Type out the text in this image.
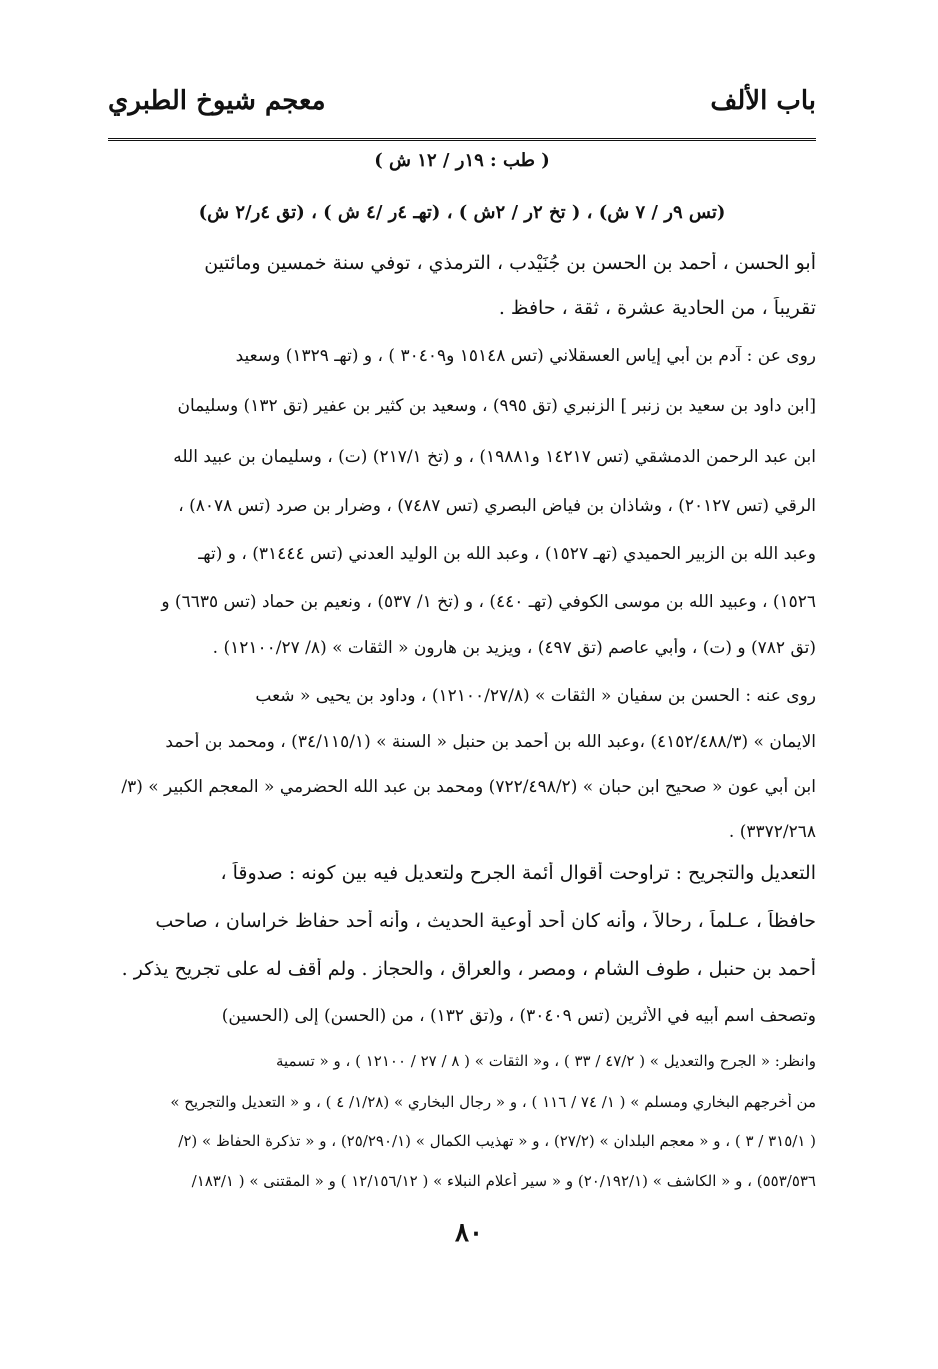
باب الألف
معجم شيوخ الطبري
( طب : ١٩ر / ١٢ ش )
(تس ٩ر / ٧ ش) ، ( تخ ٢ر / ٢ش ) ، (تهـ ٤ر /٤ ش ) ، (تق ٤ر/٢ ش)
أبو الحسن ، أحمد بن الحسن بن جُنَيْدب ، الترمذي ، توفي سنة خمسين ومائتين
تقريباً ، من الحادية عشرة ، ثقة ، حافظ .
روى عن : آدم بن أبي إياس العسقلاني (تس ١٥١٤٨ و٣٠٤٠٩ ) ، و (تهـ ١٣٢٩) وسعيد
[ابن داود بن سعيد بن زنبر ] الزنبري (تق ٩٩٥) ، وسعيد بن كثير بن عفير (تق ١٣٢) وسليمان
ابن عبد الرحمن الدمشقي (تس ١٤٢١٧ و١٩٨٨١) ، و (تخ ٢١٧/١) (ت) ، وسليمان بن عبيد الله
الرقي (تس ٢٠١٢٧) ، وشاذان بن فياض البصري (تس ٧٤٨٧) ، وضرار بن صرد (تس ٨٠٧٨) ،
وعبد الله بن الزبير الحميدي (تهـ ١٥٢٧) ، وعبد الله بن الوليد العدني (تس ٣١٤٤٤) ، و (تهـ
١٥٢٦) ، وعبيد الله بن موسى الكوفي (تهـ ٤٤٠) ، و (تخ ١/ ٥٣٧) ، ونعيم بن حماد (تس ٦٦٣٥) و
(تق ٧٨٢) و (ت) ، وأبي عاصم (تق ٤٩٧) ، ويزيد بن هارون « الثقات » (٨/ ١٢١٠٠/٢٧) .
روى عنه : الحسن بن سفيان « الثقات » (١٢١٠٠/٢٧/٨) ، وداود بن يحيى « شعب
الايمان » (٤١٥٢/٤٨٨/٣) ،وعبد الله بن أحمد بن حنبل « السنة » (٣٤/١١٥/١) ، ومحمد بن أحمد
ابن أبي عون « صحيح ابن حبان » (٧٢٢/٤٩٨/٢) ومحمد بن عبد الله الحضرمي « المعجم الكبير » (٣/
٣٣٧٢/٢٦٨) .
التعديل والتجريح : تراوحت أقوال أئمة الجرح ولتعديل فيه بين كونه : صدوقاً ،
حافظاً ، عـلماً ، رحالاً ، وأنه كان أحد أوعية الحديث ، وأنه أحد حفاظ خراسان ، صاحب
أحمد بن حنبل ، طوف الشام ، ومصر ، والعراق ، والحجاز . ولم أقف له على تجريح يذكر .
وتصحف اسم أبيه في الأثرين (تس ٣٠٤٠٩) ، و(تق ١٣٢) ، من (الحسن) إلى (الحسين)
وانظر: « الجرح والتعديل » ( ٤٧/٢ / ٣٣ ) ، و« الثقات » ( ٨ / ٢٧ / ١٢١٠٠ ) ، و « تسمية
من أخرجهم البخاري ومسلم » ( ١/ ٧٤ / ١١٦ ) ، و « رجال البخاري » (١/٢٨/ ٤ ) ، و « التعديل والتجريح »
( ٣١٥/١ / ٣ ) ، و « معجم البلدان » (٢٧/٢) ، و « تهذيب الكمال » (٢٥/٢٩٠/١) ، و « تذكرة الحفاظ » (٢/
٥٥٣/٥٣٦) ، و « الكاشف » (٢٠/١٩٢/١) و « سير أعلام النبلاء » ( ١٢/١٥٦/١٢ ) و « المقتنى » ( ١٨٣/١/
٨٠
